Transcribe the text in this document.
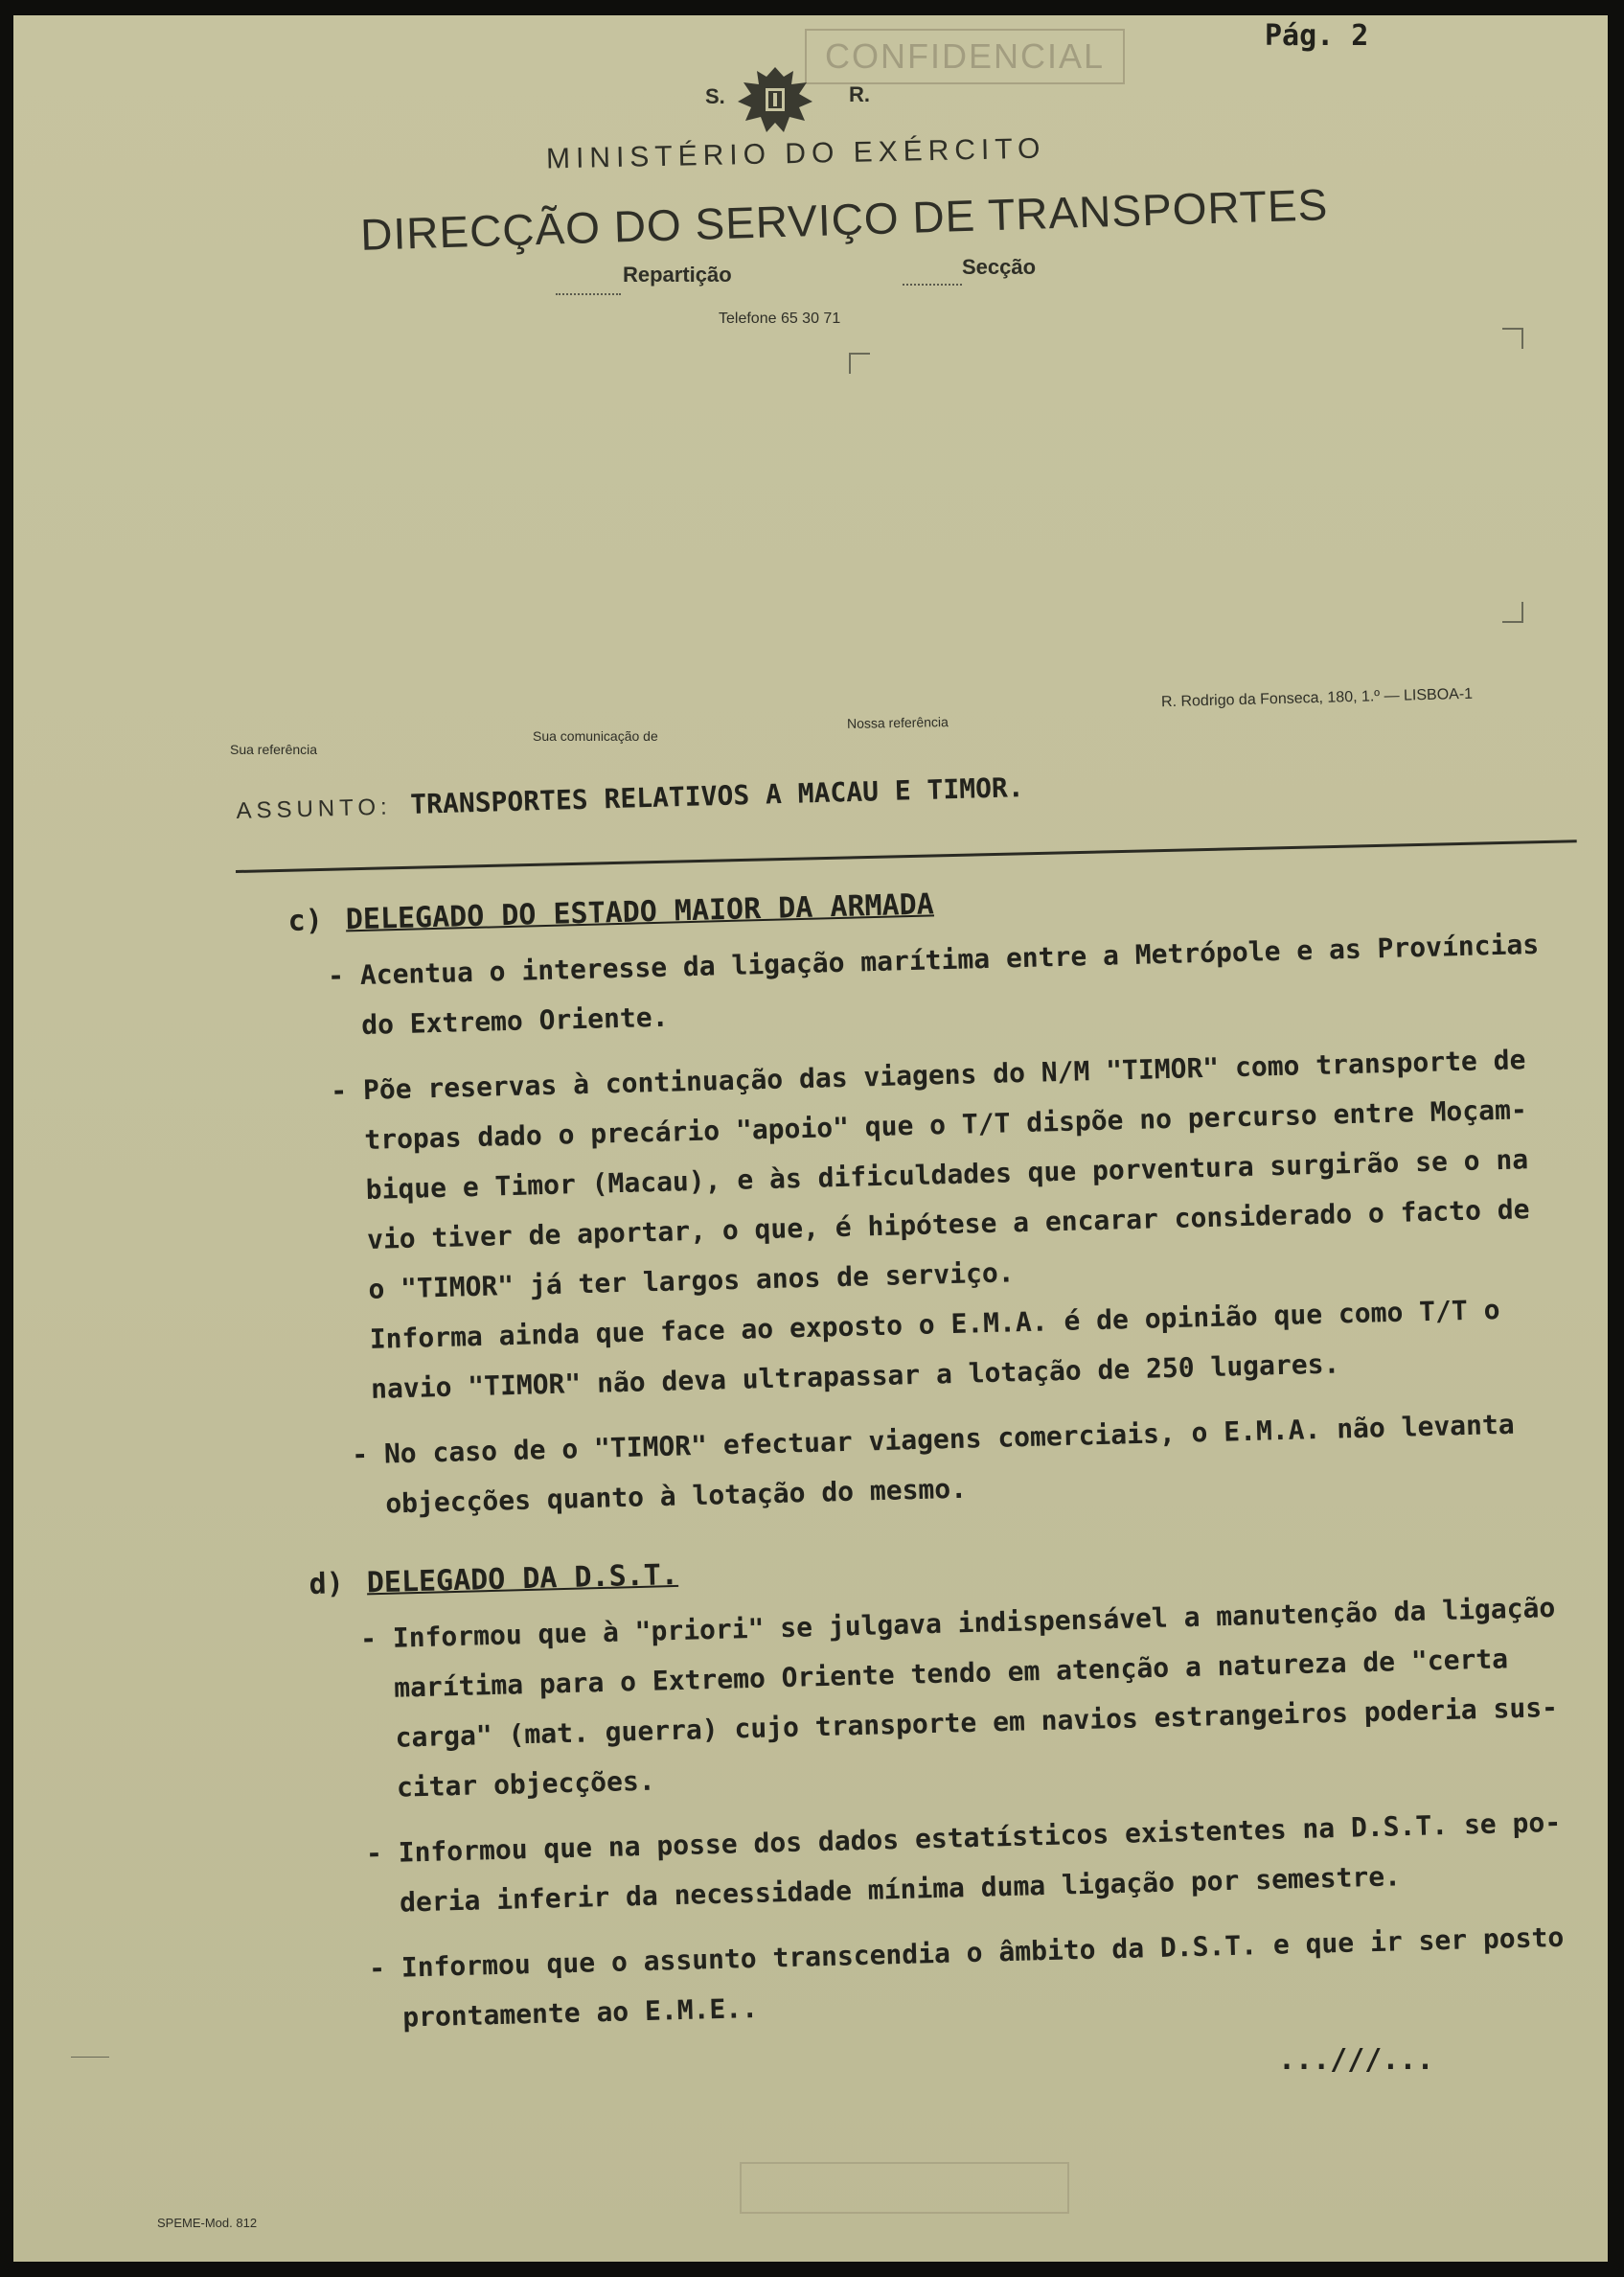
Pág. 2
CONFIDENCIAL
S.	R.
MINISTÉRIO DO EXÉRCITO
DIRECÇÃO DO SERVIÇO DE TRANSPORTES
Repartição	Secção
Telefone 65 30 71
Sua referência
Sua comunicação de
Nossa referência
R. Rodrigo da Fonseca, 180, 1.º — LISBOA-1
ASSUNTO: TRANSPORTES RELATIVOS A MACAU E TIMOR.
c) DELEGADO DO ESTADO MAIOR DA ARMADA
- Acentua o interesse da ligação marítima entre a Metrópole e as Províncias
do Extremo Oriente.
- Põe reservas à continuação das viagens do N/M "TIMOR" como transporte de
tropas dado o precário "apoio" que o T/T dispõe no percurso entre Moçam-
bique e Timor (Macau), e às dificuldades que porventura surgirão se o na
vio tiver de aportar, o que, é hipótese a encarar considerado o facto de
o "TIMOR" já ter largos anos de serviço.
Informa ainda que face ao exposto o E.M.A. é de opinião que como T/T o
navio "TIMOR" não deva ultrapassar a lotação de 250 lugares.
- No caso de o "TIMOR" efectuar viagens comerciais, o E.M.A. não levanta
objecções quanto à lotação do mesmo.
d) DELEGADO DA D.S.T.
- Informou que à "priori" se julgava indispensável a manutenção da ligação
marítima para o Extremo Oriente tendo em atenção a natureza de "certa
carga" (mat. guerra) cujo transporte em navios estrangeiros poderia sus-
citar objecções.
- Informou que na posse dos dados estatísticos existentes na D.S.T. se po-
deria inferir da necessidade mínima duma ligação por semestre.
- Informou que o assunto transcendia o âmbito da D.S.T. e que ir ser posto
prontamente ao E.M.E..
...///...
SPEME-Mod. 812
